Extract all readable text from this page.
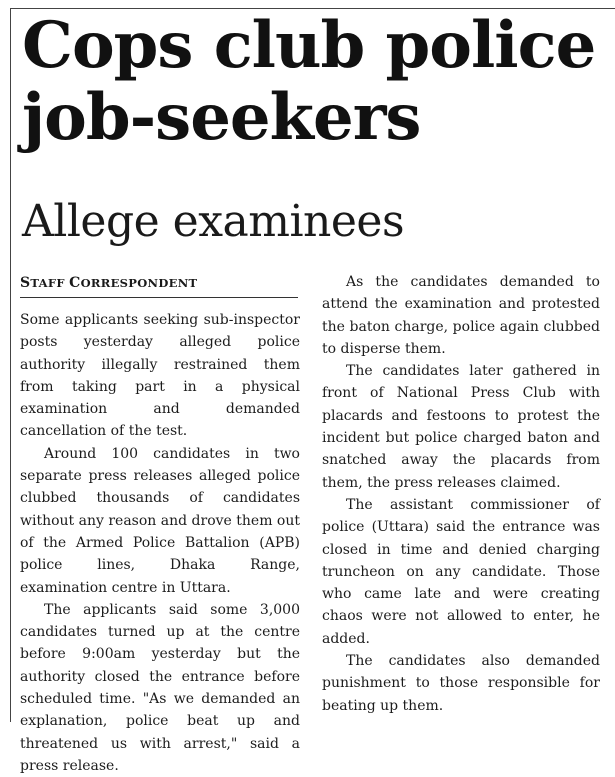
Cops club police job-seekers
Allege examinees
STAFF CORRESPONDENT

Some applicants seeking sub-inspector posts yesterday alleged police authority illegally restrained them from taking part in a physical examination and demanded cancellation of the test.

Around 100 candidates in two separate press releases alleged police clubbed thousands of candidates without any reason and drove them out of the Armed Police Battalion (APB) police lines, Dhaka Range, examination centre in Uttara.

The applicants said some 3,000 candidates turned up at the centre before 9:00am yesterday but the authority closed the entrance before scheduled time. "As we demanded an explanation, police beat up and threatened us with arrest," said a press release.

As the candidates demanded to attend the examination and protested the baton charge, police again clubbed to disperse them.

The candidates later gathered in front of National Press Club with placards and festoons to protest the incident but police charged baton and snatched away the placards from them, the press releases claimed.

The assistant commissioner of police (Uttara) said the entrance was closed in time and denied charging truncheon on any candidate. Those who came late and were creating chaos were not allowed to enter, he added.

The candidates also demanded punishment to those responsible for beating up them.
